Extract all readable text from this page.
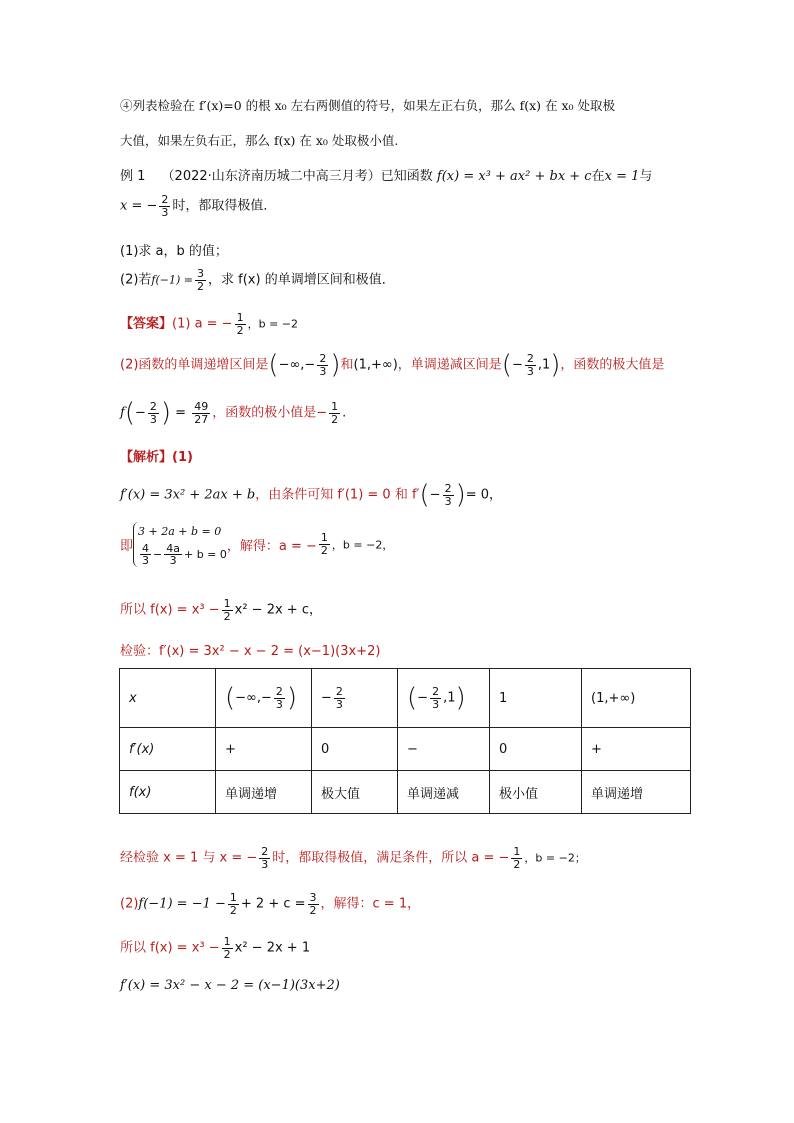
④列表检验在 f′(x)=0 的根 x₀ 左右两侧值的符号，如果左正右负，那么 f(x) 在 x₀ 处取极
大值，如果左负右正，那么 f(x) 在 x₀ 处取极小值.
例 1 （2022·山东济南历城二中高三月考）已知函数 f(x) = x³ + ax² + bx + c在x = 1与
x = − $\frac{2}{3}$ 时，都取得极值．
(1)求 a，b 的值；
(2)若$f(-1) = \frac{3}{2}$ ，求 f(x) 的单调增区间和极值．
【答案】(1) a = − $\frac{1}{2}$ ，b = −2
(2)函数的单调递增区间是(−∞,− $\frac{2}{3}$ )和(1,+∞)，单调递减区间是(− $\frac{2}{3} ,1$)，函数的极大值是
$f(- \frac{2}{3}$ ) = $\frac{49}{27}$ ，函数的极小值是− $\frac{1}{2}$ .
【解析】(1)
f′(x) = 3x² + 2ax + b，由条件可知 f′(1) = 0 和 $f'(- \frac{2}{3}$ )= 0，
即
3 + 2a + b = 0
$\frac{4}{3} - \frac{4a}{3} + b = 0$
，解得：a = − $\frac{1}{2}$ ，b = −2，
所以 $f(x) = x^3 - \frac{1}{2} x^2 - 2x + c$，
检验：f′(x) = 3x² − x − 2 = (x−1)(3x+2)
x	(−∞,− $\frac{2}{3}$ )	− $\frac{2}{3}$	(− $\frac{2}{3} ,1$)	1	(1,+∞)
f′(x)	+	0	−	0	+
f(x)	单调递增	极大值	单调递减	极小值	单调递增
经检验 x = 1 与 x = − $\frac{2}{3}$ 时，都取得极值，满足条件，所以 a = − $\frac{1}{2}$ ，b = −2；
$(2)f(-1) = -1 - \frac{1}{2} + 2 + c = \frac{3}{2}$ ，解得：c = 1，
所以 $f(x) = x^3 - \frac{1}{2} x^2 - 2x + 1$
f′(x) = 3x² − x − 2 = (x−1)(3x+2)
